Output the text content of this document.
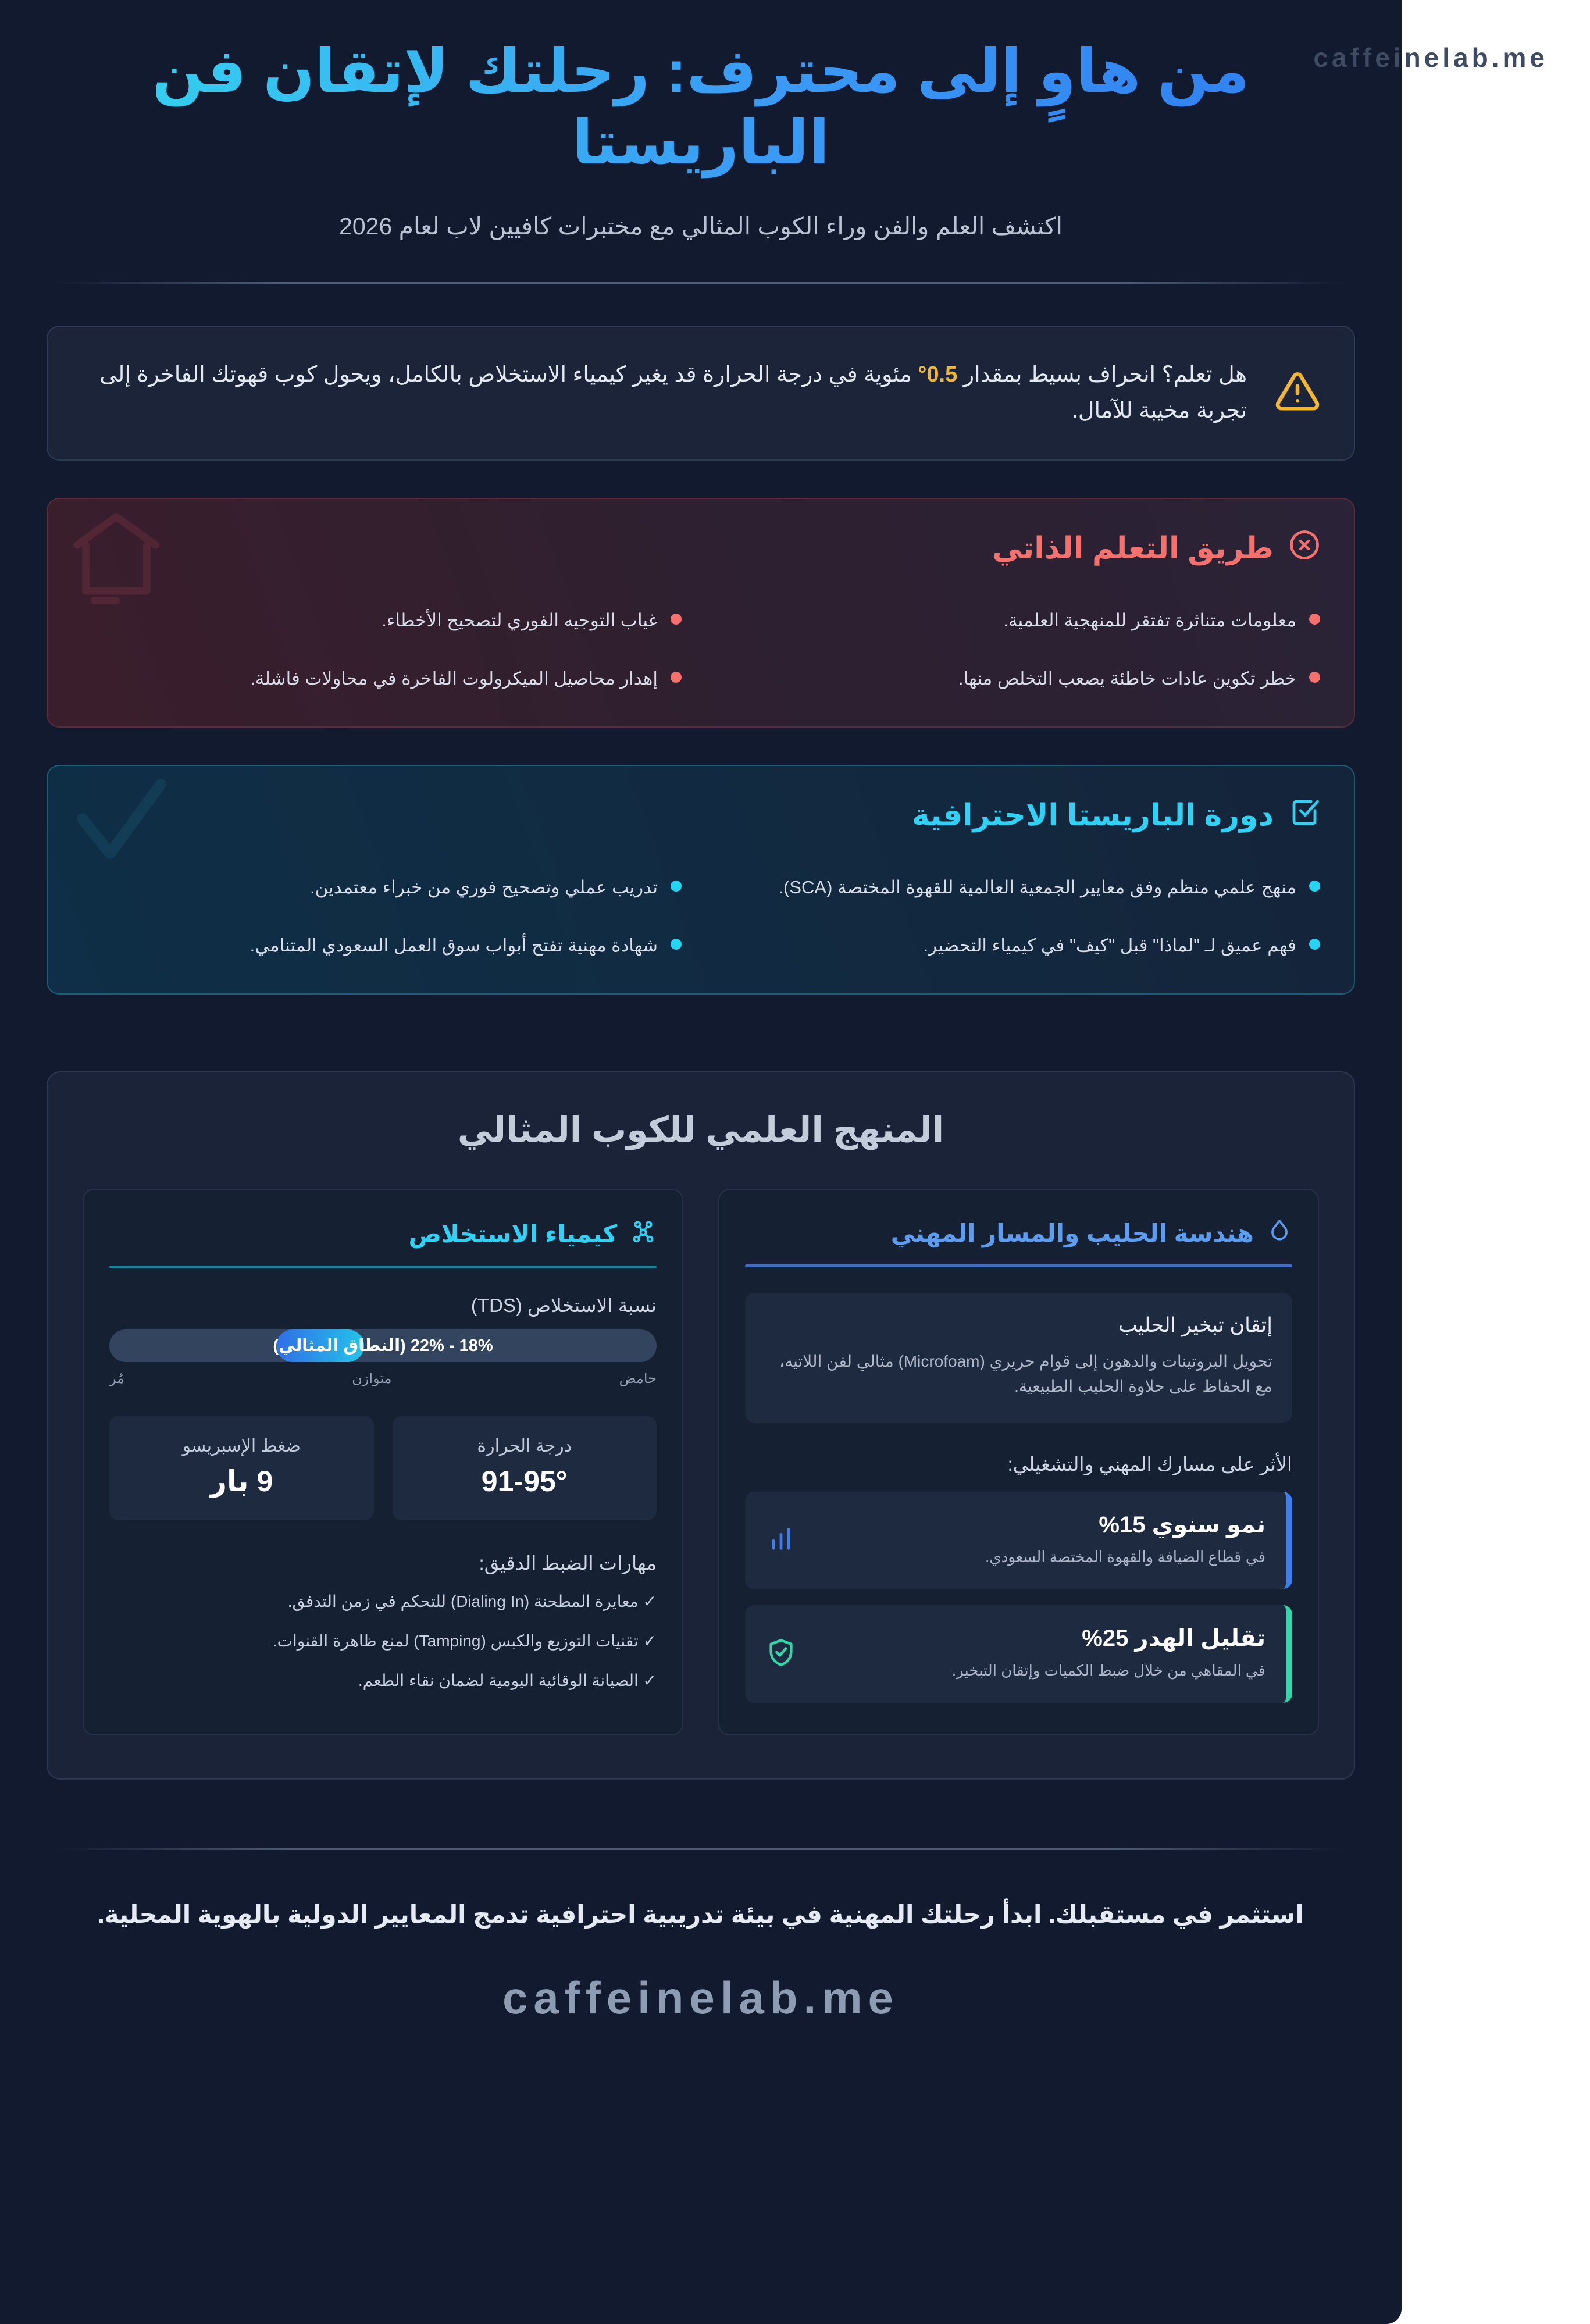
caffeinelab.me
من هاوٍ إلى محترف: رحلتك لإتقان فن الباريستا
اكتشف العلم والفن وراء الكوب المثالي مع مختبرات كافيين لاب لعام 2026
هل تعلم؟ انحراف بسيط بمقدار 0.5° مئوية في درجة الحرارة قد يغير كيمياء الاستخلاص بالكامل، ويحول كوب قهوتك الفاخرة إلى تجربة مخيبة للآمال.
طريق التعلم الذاتي
معلومات متناثرة تفتقر للمنهجية العلمية.
غياب التوجيه الفوري لتصحيح الأخطاء.
خطر تكوين عادات خاطئة يصعب التخلص منها.
إهدار محاصيل الميكرولوت الفاخرة في محاولات فاشلة.
دورة الباريستا الاحترافية
منهج علمي منظم وفق معايير الجمعية العالمية للقهوة المختصة (SCA).
تدريب عملي وتصحيح فوري من خبراء معتمدين.
فهم عميق لـ "لماذا" قبل "كيف" في كيمياء التحضير.
شهادة مهنية تفتح أبواب سوق العمل السعودي المتنامي.
المنهج العلمي للكوب المثالي
هندسة الحليب والمسار المهني
إتقان تبخير الحليب
تحويل البروتينات والدهون إلى قوام حريري (Microfoam) مثالي لفن اللاتيه، مع الحفاظ على حلاوة الحليب الطبيعية.
الأثر على مسارك المهني والتشغيلي:
نمو سنوي 15%
في قطاع الضيافة والقهوة المختصة السعودي.
تقليل الهدر 25%
في المقاهي من خلال ضبط الكميات وإتقان التبخير.
كيمياء الاستخلاص
نسبة الاستخلاص (TDS)
18% - 22% (النطاق المثالي)
حامض
متوازن
مُر
درجة الحرارة
91-95°
ضغط الإسبريسو
9 بار
مهارات الضبط الدقيق:
✓ معايرة المطحنة (Dialing In) للتحكم في زمن التدفق.
✓ تقنيات التوزيع والكبس (Tamping) لمنع ظاهرة القنوات.
✓ الصيانة الوقائية اليومية لضمان نقاء الطعم.
استثمر في مستقبلك. ابدأ رحلتك المهنية في بيئة تدريبية احترافية تدمج المعايير الدولية بالهوية المحلية.
caffeinelab.me
